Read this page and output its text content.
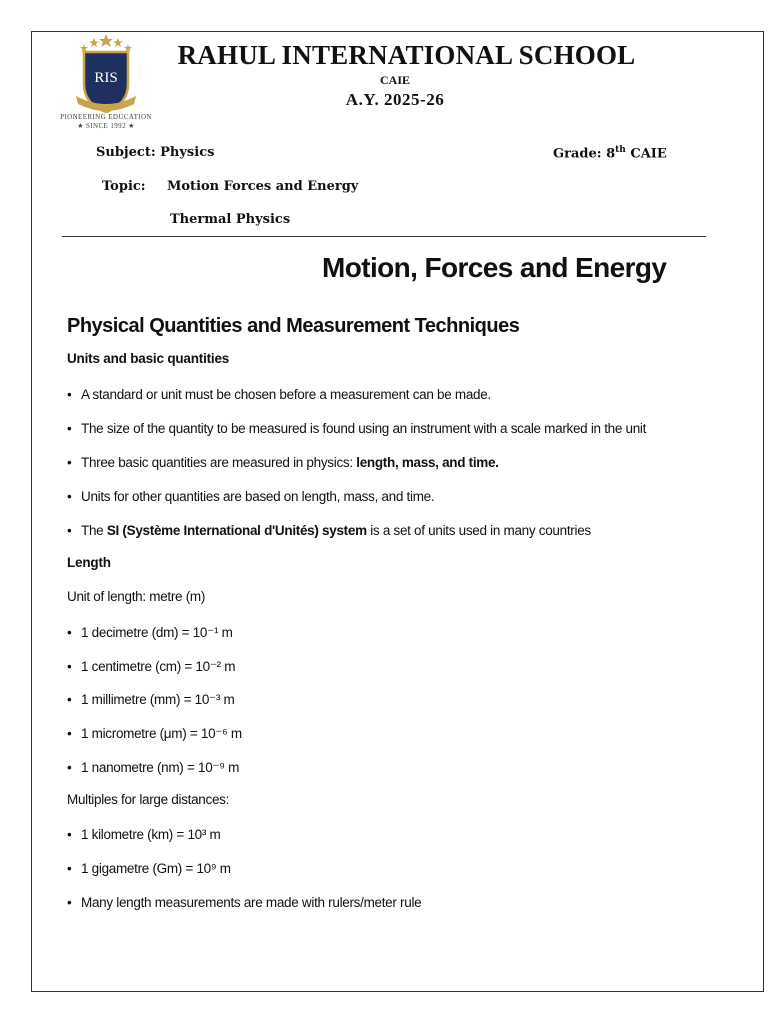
RIS
PIONEERING EDUCATION
★ SINCE 1992 ★
RAHUL INTERNATIONAL SCHOOL
CAIE
A.Y. 2025-26
Subject: Physics	Grade: 8th CAIE
Topic: Motion Forces and Energy
Thermal Physics
Motion, Forces and Energy
Physical Quantities and Measurement Techniques
Units and basic quantities
• A standard or unit must be chosen before a measurement can be made.
• The size of the quantity to be measured is found using an instrument with a scale marked in the unit
• Three basic quantities are measured in physics: length, mass, and time.
• Units for other quantities are based on length, mass, and time.
• The SI (Système International d'Unités) system is a set of units used in many countries
Length
Unit of length: metre (m)
• 1 decimetre (dm) = 10⁻¹ m
• 1 centimetre (cm) = 10⁻² m
• 1 millimetre (mm) = 10⁻³ m
• 1 micrometre (μm) = 10⁻⁶ m
• 1 nanometre (nm) = 10⁻⁹ m
Multiples for large distances:
• 1 kilometre (km) = 10³ m
• 1 gigametre (Gm) = 10⁹ m
• Many length measurements are made with rulers/meter rule
